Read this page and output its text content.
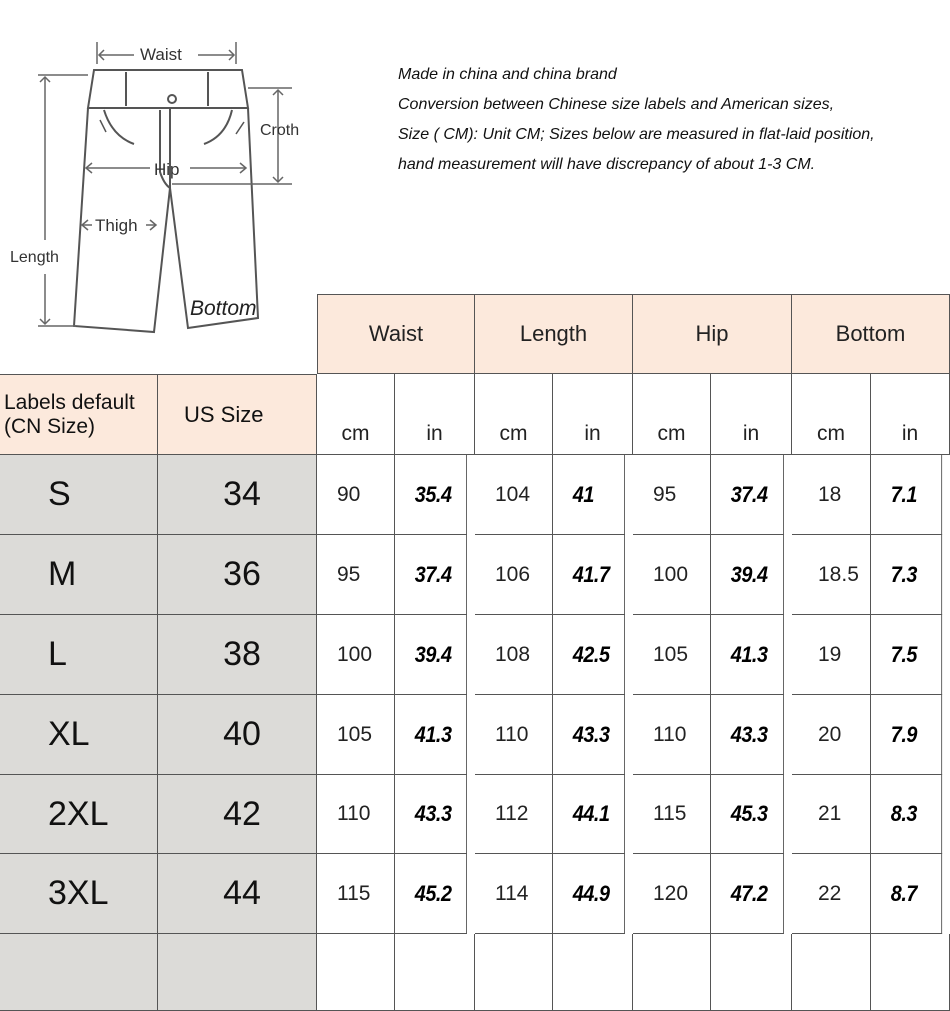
Waist
Croth
Hip
Thigh
Length
Bottom
Made in china and china brand
Conversion between Chinese size labels and American sizes,
Size ( CM): Unit CM; Sizes below are measured in flat-laid position,
hand measurement will have discrepancy of about 1-3 CM.
Waist	Length	Hip	Bottom
Labels default
(CN Size)	US Size
cm	in	cm	in	cm	in	cm	in
S	34	90	35.4	104	41	95	37.4	18	7.1
M	36	95	37.4	106	41.7	100	39.4	18.5	7.3
L	38	100	39.4	108	42.5	105	41.3	19	7.5
XL	40	105	41.3	110	43.3	110	43.3	20	7.9
2XL	42	110	43.3	112	44.1	115	45.3	21	8.3
3XL	44	115	45.2	114	44.9	120	47.2	22	8.7
